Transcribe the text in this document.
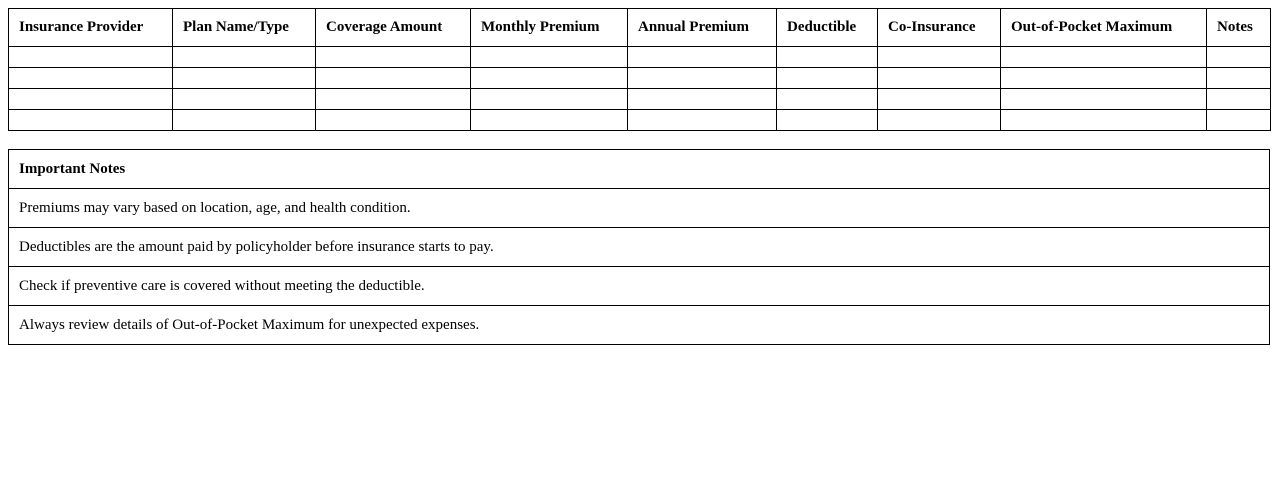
Insurance Provider	Plan Name/Type	Coverage Amount	Monthly Premium	Annual Premium	Deductible	Co-Insurance	Out-of-Pocket Maximum	Notes

Important Notes
Premiums may vary based on location, age, and health condition.
Deductibles are the amount paid by policyholder before insurance starts to pay.
Check if preventive care is covered without meeting the deductible.
Always review details of Out-of-Pocket Maximum for unexpected expenses.
